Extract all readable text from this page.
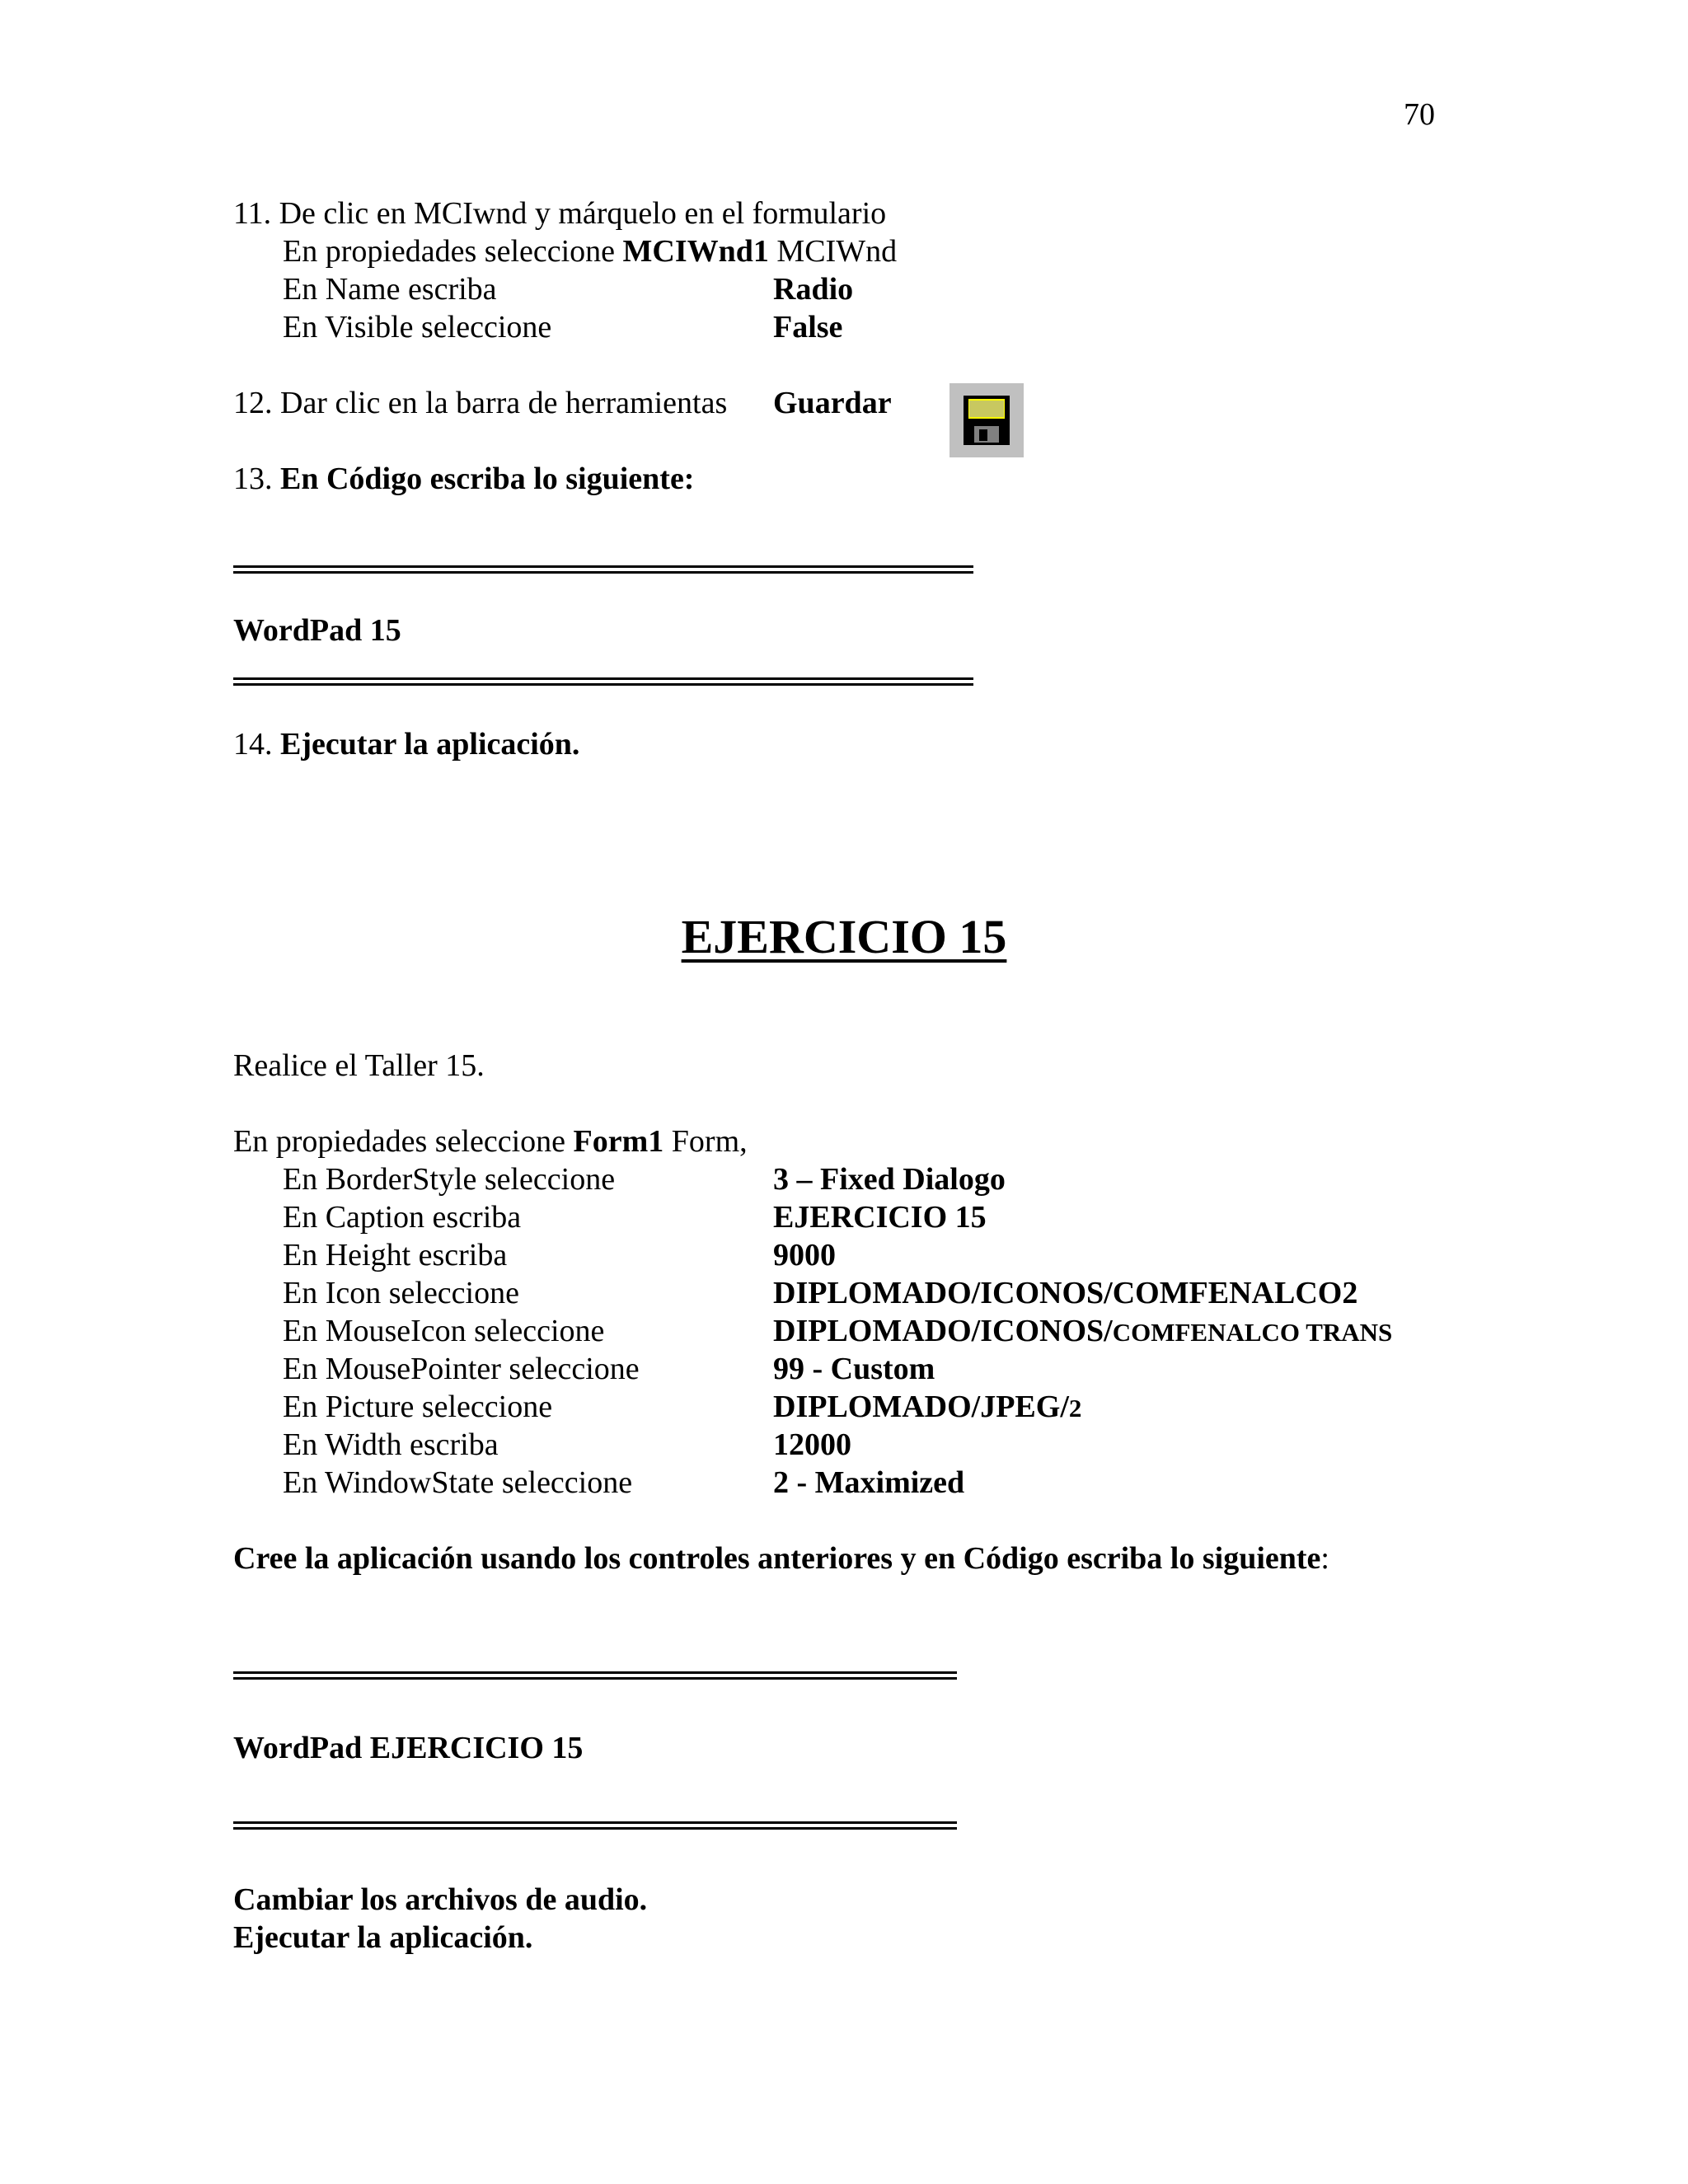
70
11. De clic en MCIwnd y márquelo en el formulario
En propiedades seleccione MCIWnd1 MCIWnd
En Name escriba	Radio
En Visible seleccione	False
12. Dar clic en la barra de herramientas Guardar
13. En Código escriba lo siguiente:
WordPad 15
14. Ejecutar la aplicación.
EJERCICIO 15
Realice el Taller 15.
En propiedades seleccione Form1 Form,
En BorderStyle seleccione	3 – Fixed Dialogo
En Caption escriba	EJERCICIO 15
En Height escriba	9000
En Icon seleccione	DIPLOMADO/ICONOS/COMFENALCO2
En MouseIcon seleccione	DIPLOMADO/ICONOS/COMFENALCO TRANS
En MousePointer seleccione	99 - Custom
En Picture seleccione	DIPLOMADO/JPEG/2
En Width escriba	12000
En WindowState seleccione	2 - Maximized
Cree la aplicación usando los controles anteriores y en Código escriba lo siguiente:
WordPad EJERCICIO 15
Cambiar los archivos de audio.
Ejecutar la aplicación.
